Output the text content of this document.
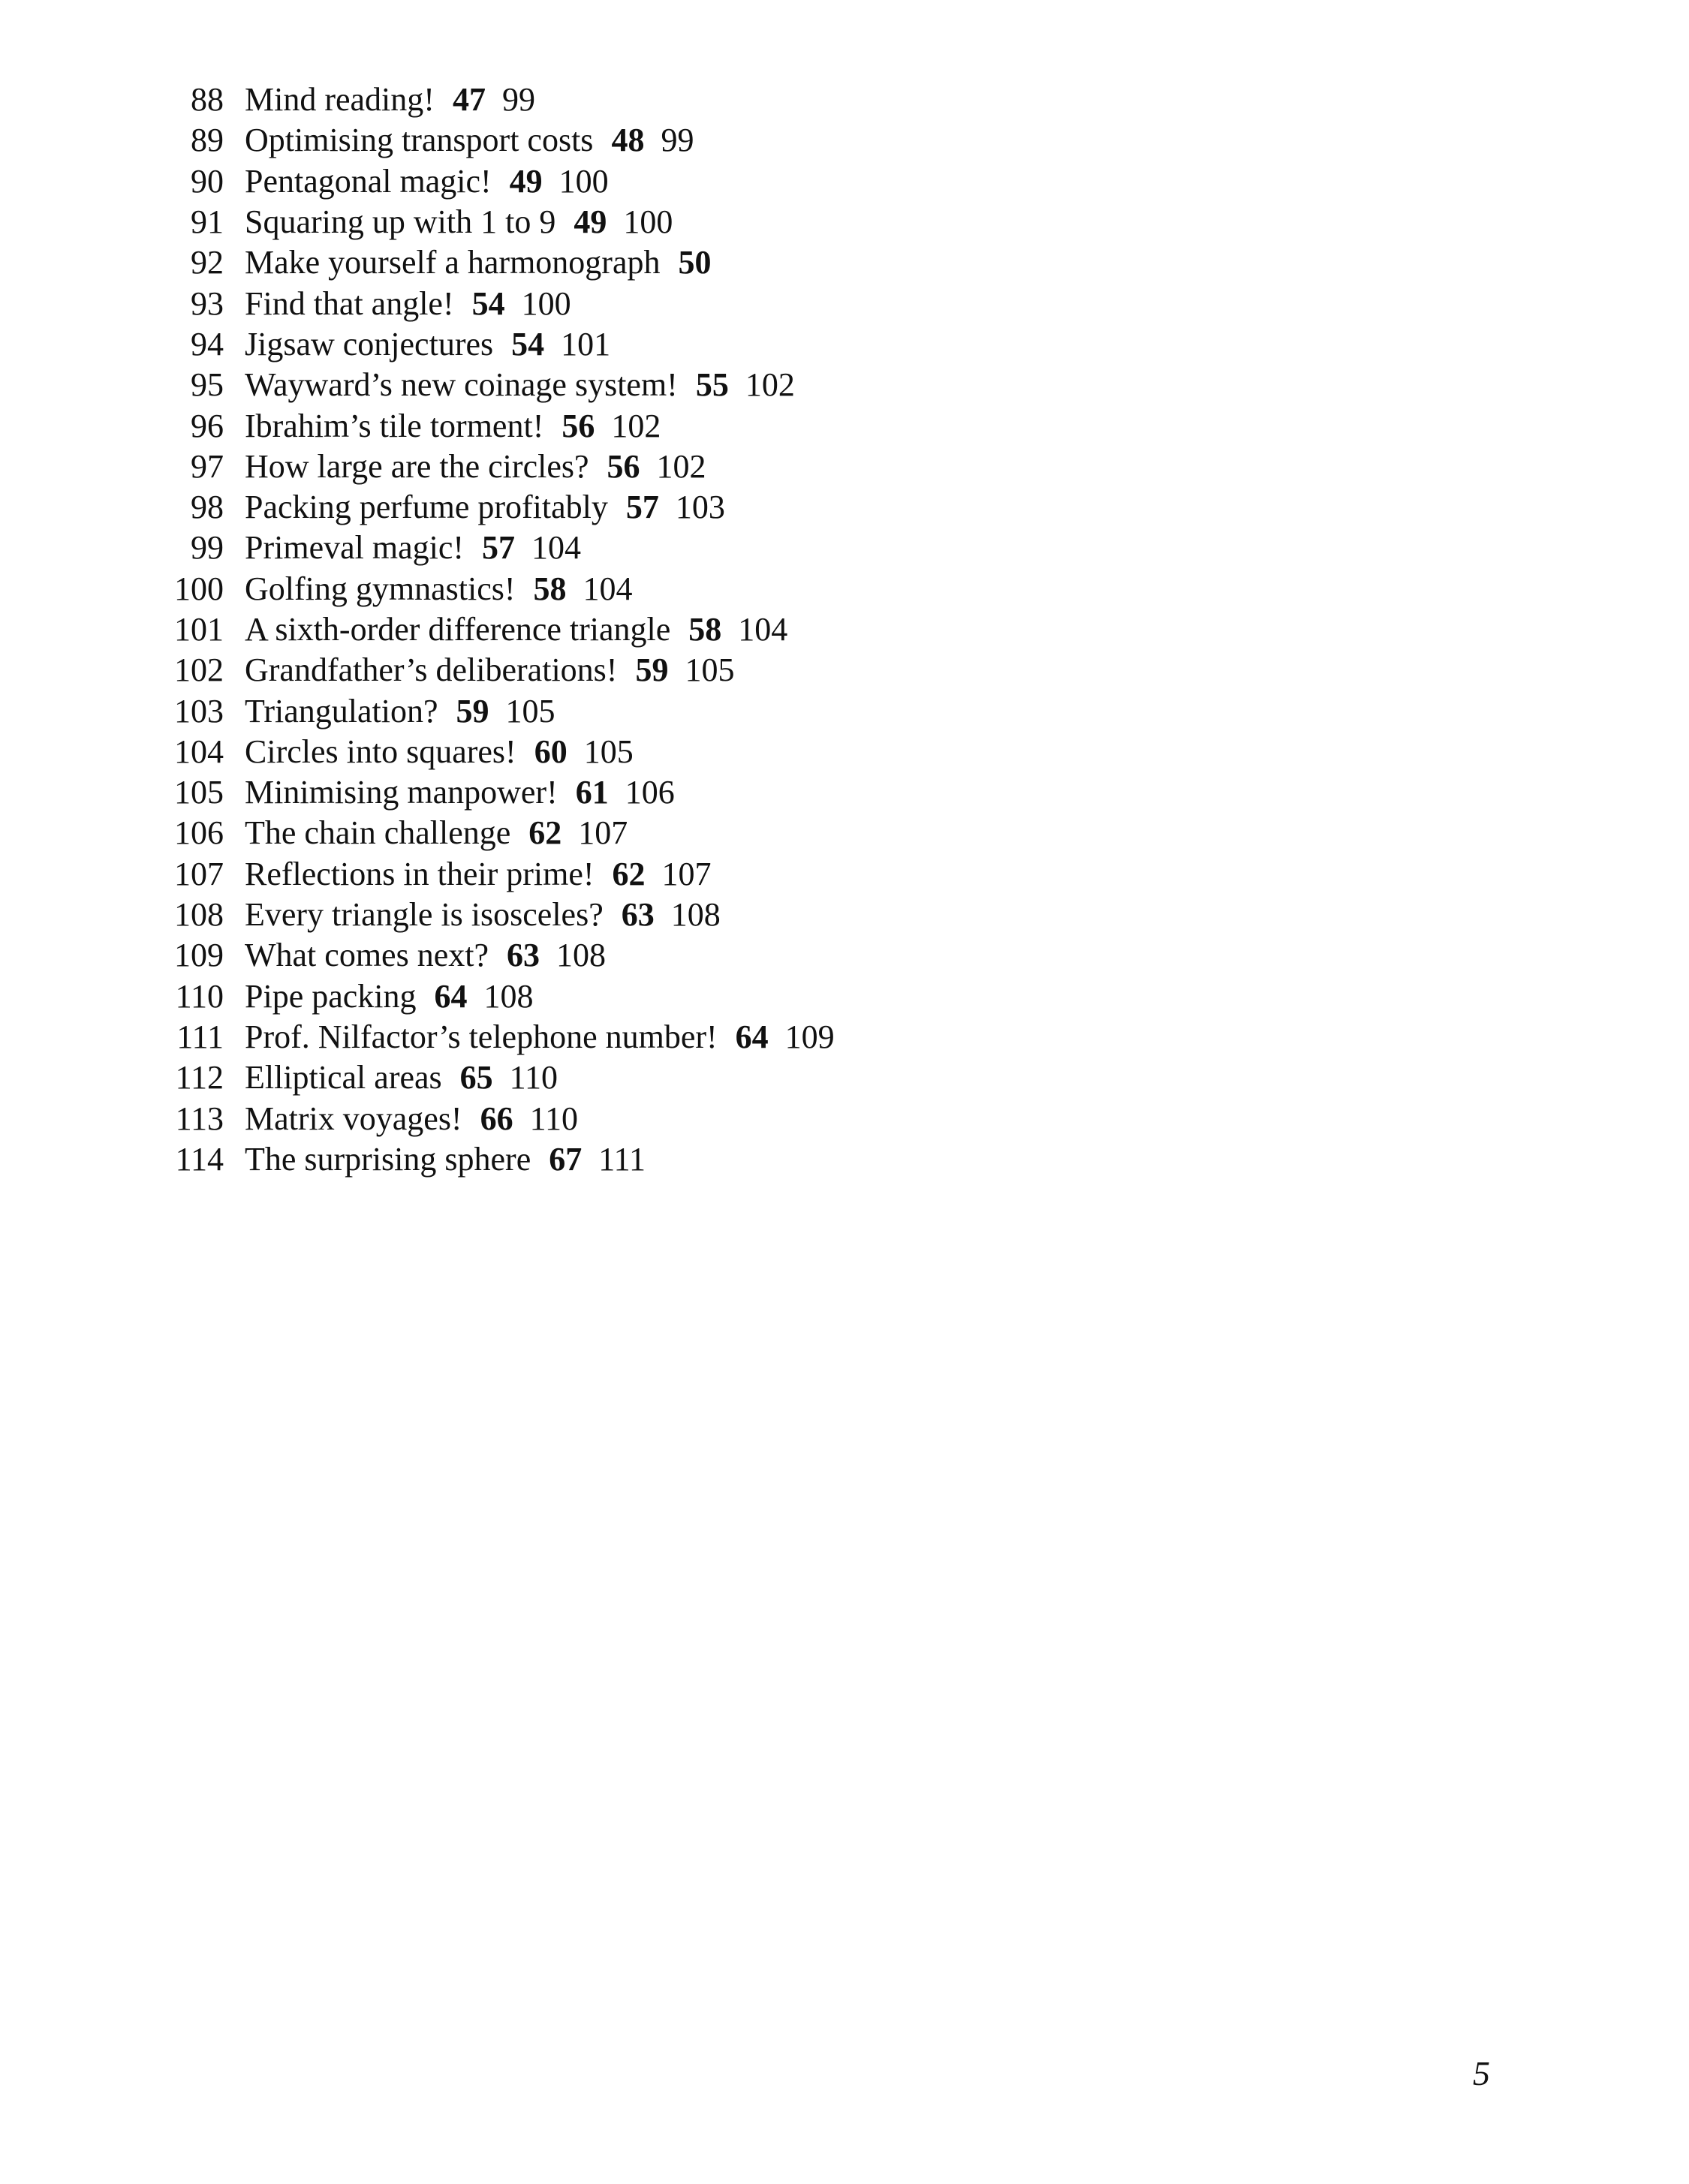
88 Mind reading! 47 99
89 Optimising transport costs 48 99
90 Pentagonal magic! 49 100
91 Squaring up with 1 to 9 49 100
92 Make yourself a harmonograph 50
93 Find that angle! 54 100
94 Jigsaw conjectures 54 101
95 Wayward’s new coinage system! 55 102
96 Ibrahim’s tile torment! 56 102
97 How large are the circles? 56 102
98 Packing perfume profitably 57 103
99 Primeval magic! 57 104
100 Golfing gymnastics! 58 104
101 A sixth-order difference triangle 58 104
102 Grandfather’s deliberations! 59 105
103 Triangulation? 59 105
104 Circles into squares! 60 105
105 Minimising manpower! 61 106
106 The chain challenge 62 107
107 Reflections in their prime! 62 107
108 Every triangle is isosceles? 63 108
109 What comes next? 63 108
110 Pipe packing 64 108
111 Prof. Nilfactor’s telephone number! 64 109
112 Elliptical areas 65 110
113 Matrix voyages! 66 110
114 The surprising sphere 67 111
5
